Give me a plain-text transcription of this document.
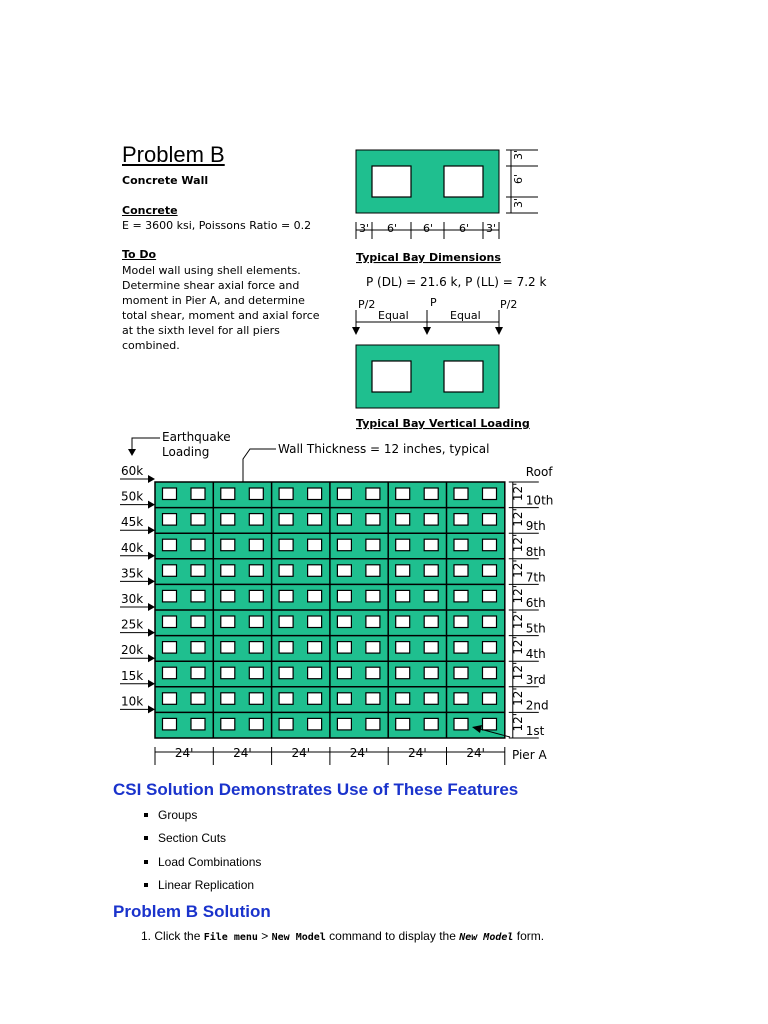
Problem B
Concrete Wall
Concrete
E = 3600 ksi, Poissons Ratio = 0.2
To Do
Model wall using shell elements.
Determine shear axial force and
moment in Pier A, and determine
total shear, moment and axial force
at the sixth level for all piers
combined.
3'
6'
3'
3' 6' 6' 6' 3'
Typical Bay Dimensions
P (DL) = 21.6 k, P (LL) = 7.2 k
P/2	P	P/2
Equal	Equal
Typical Bay Vertical Loading
Earthquake
Loading	Wall Thickness = 12 inches, typical
60k
50k
45k
40k
35k
30k
25k
20k
15k
10k
12'
12'
12'
12'
12'
12'
12'
12'
12'
12'
Roof
10th
9th
8th
7th
6th
5th
4th
3rd
2nd
1st
24'	24'	24'	24'	24'	24' Pier A
CSI Solution Demonstrates Use of These Features
Groups
Section Cuts
Load Combinations
Linear Replication
Problem B Solution
1. Click the File menu > New Model command to display the New Model form.
